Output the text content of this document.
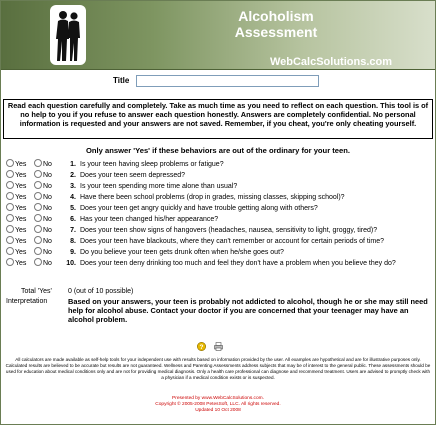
Alcoholism
Assessment
WebCalcSolutions.com
Title
Read each question carefully and completely. Take as much time as you need to reflect on each question. This tool is of no help to you if you refuse to answer each question honestly. Answers are completely confidential. No personal information is requested and your answers are not saved. Remember, if you cheat, you're only cheating yourself.
Only answer 'Yes' if these behaviors are out of the ordinary for your teen.
Yes No	1. Is your teen having sleep problems or fatigue?
Yes No	2. Does your teen seem depressed?
Yes No	3. Is your teen spending more time alone than usual?
Yes No	4. Have there been school problems (drop in grades, missing classes, skipping school)?
Yes No	5. Does your teen get angry quickly and have trouble getting along with others?
Yes No	6. Has your teen changed his/her appearance?
Yes No	7. Does your teen show signs of hangovers (headaches, nausea, sensitivity to light, groggy, tired)?
Yes No	8. Does your teen have blackouts, where they can't remember or account for certain periods of time?
Yes No	9. Do you believe your teen gets drunk often when he/she goes out?
Yes No 10. Does your teen deny drinking too much and feel they don't have a problem when you believe they do?
Total 'Yes' 0 (out of 10 possible)
Interpretation	Based on your answers, your teen is probably not addicted to alcohol, though he or she may still need help for alcohol abuse. Contact your doctor if you are concerned that your teenager may have an alcohol problem.
?

All calculators are made available as self-help tools for your independent use with results based on information provided by the user. All examples are hypothetical and are for illustrative purposes only. Calculated results are believed to be accurate but results are not guaranteed. Wellness and Parenting Assessments address subjects that may be of interest to the general public. These assessments should be used for education about medical conditions only and are not for providing medical diagnosis. Only a health care professional can diagnose and recommend treatment. Users are advised to promptly check with a physician if a medical condition exists or is suspected.
Presented by www.WebCalcSolutions.com.
Copyright © 2005-2008 PetesSoft, LLC. All rights reserved.
Updated 10 Oct 2008
